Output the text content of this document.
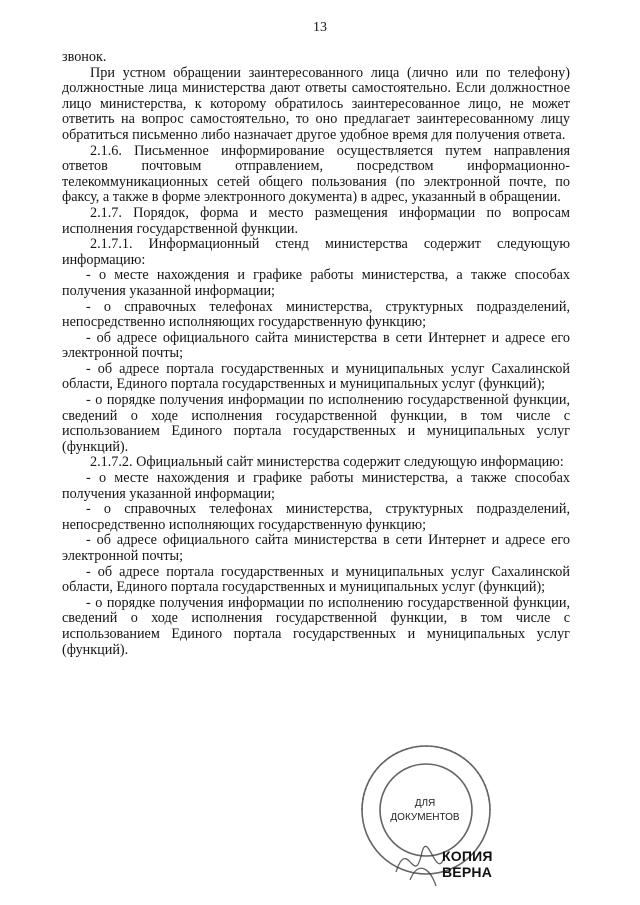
13

звонок.

При устном обращении заинтересованного лица (лично или по телефону) должностные лица министерства дают ответы самостоятельно. Если должностное лицо министерства, к которому обратилось заинтересованное лицо, не может ответить на вопрос самостоятельно, то оно предлагает заинтересованному лицу обратиться письменно либо назначает другое удобное время для получения ответа.

2.1.6. Письменное информирование осуществляется путем направления ответов почтовым отправлением, посредством информационно-телекоммуникационных сетей общего пользования (по электронной почте, по факсу, а также в форме электронного документа) в адрес, указанный в обращении.

2.1.7. Порядок, форма и место размещения информации по вопросам исполнения государственной функции.

2.1.7.1. Информационный стенд министерства содержит следующую информацию:

- о месте нахождения и графике работы министерства, а также способах получения указанной информации;

- о справочных телефонах министерства, структурных подразделений, непосредственно исполняющих государственную функцию;

- об адресе официального сайта министерства в сети Интернет и адресе его электронной почты;

- об адресе портала государственных и муниципальных услуг Сахалинской области, Единого портала государственных и муниципальных услуг (функций);

- о порядке получения информации по исполнению государственной функции, сведений о ходе исполнения государственной функции, в том числе с использованием Единого портала государственных и муниципальных услуг (функций).

2.1.7.2. Официальный сайт министерства содержит следующую информацию:

- о месте нахождения и графике работы министерства, а также способах получения указанной информации;

- о справочных телефонах министерства, структурных подразделений, непосредственно исполняющих государственную функцию;

- об адресе официального сайта министерства в сети Интернет и адресе его электронной почты;

- об адресе портала государственных и муниципальных услуг Сахалинской области, Единого портала государственных и муниципальных услуг (функций);

- о порядке получения информации по исполнению государственной функции, сведений о ходе исполнения государственной функции, в том числе с использованием Единого портала государственных и муниципальных услуг (функций).

ДЛЯ
ДОКУМЕНТОВ
КОПИЯ ВЕРНА
